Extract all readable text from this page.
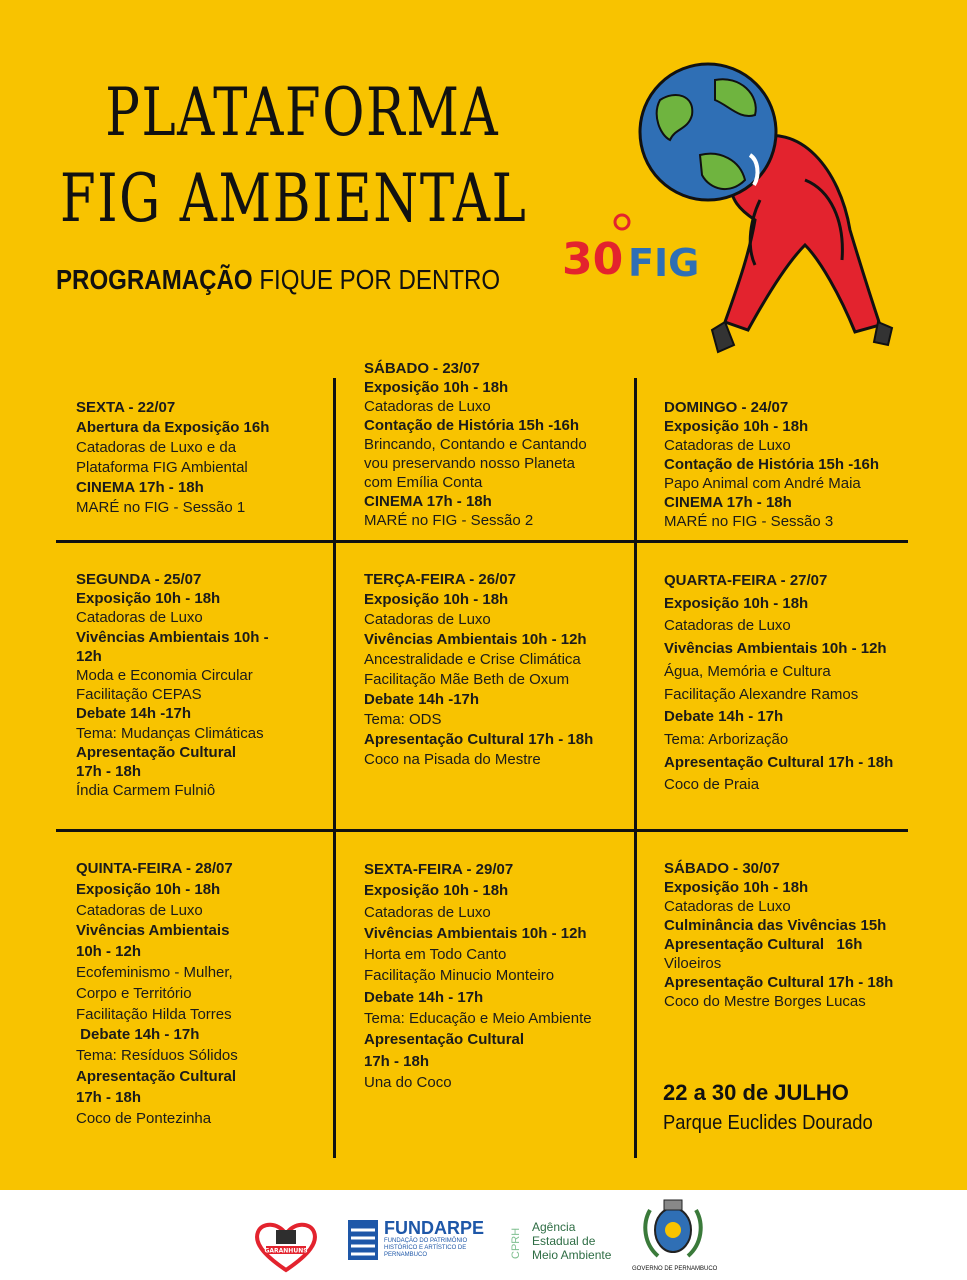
PLATAFORMA
FIG AMBIENTAL
PROGRAMAÇÃO FIQUE POR DENTRO 30 FIG
SEXTA - 22/07
Abertura da Exposição 16h
Catadoras de Luxo e da
Plataforma FIG Ambiental
CINEMA 17h - 18h
MARÉ no FIG - Sessão 1
SÁBADO - 23/07
Exposição 10h - 18h
Catadoras de Luxo
Contação de História 15h -16h
Brincando, Contando e Cantando
vou preservando nosso Planeta
com Emília Conta
CINEMA 17h - 18h
MARÉ no FIG - Sessão 2
DOMINGO - 24/07
Exposição 10h - 18h
Catadoras de Luxo
Contação de História 15h -16h
Papo Animal com André Maia
CINEMA 17h - 18h
MARÉ no FIG - Sessão 3
SEGUNDA - 25/07
Exposição 10h - 18h
Catadoras de Luxo
Vivências Ambientais 10h -
12h
Moda e Economia Circular
Facilitação CEPAS
Debate 14h -17h
Tema: Mudanças Climáticas
Apresentação Cultural
17h - 18h
Índia Carmem Fulniô
TERÇA-FEIRA - 26/07
Exposição 10h - 18h
Catadoras de Luxo
Vivências Ambientais 10h - 12h
Ancestralidade e Crise Climática
Facilitação Mãe Beth de Oxum
Debate 14h -17h
Tema: ODS
Apresentação Cultural 17h - 18h
Coco na Pisada do Mestre
QUARTA-FEIRA - 27/07
Exposição 10h - 18h
Catadoras de Luxo
Vivências Ambientais 10h - 12h
Água, Memória e Cultura
Facilitação Alexandre Ramos
Debate 14h - 17h
Tema: Arborização
Apresentação Cultural 17h - 18h
Coco de Praia
QUINTA-FEIRA - 28/07
Exposição 10h - 18h
Catadoras de Luxo
Vivências Ambientais
10h - 12h
Ecofeminismo - Mulher,
Corpo e Território
Facilitação Hilda Torres
Debate 14h - 17h
Tema: Resíduos Sólidos
Apresentação Cultural
17h - 18h
Coco de Pontezinha
SEXTA-FEIRA - 29/07
Exposição 10h - 18h
Catadoras de Luxo
Vivências Ambientais 10h - 12h
Horta em Todo Canto
Facilitação Minucio Monteiro
Debate 14h - 17h
Tema: Educação e Meio Ambiente
Apresentação Cultural
17h - 18h
Una do Coco
SÁBADO - 30/07
Exposição 10h - 18h
Catadoras de Luxo
Culminância das Vivências 15h
Apresentação Cultural   16h
Viloeiros
Apresentação Cultural 17h - 18h
Coco do Mestre Borges Lucas
22 a 30 de JULHO
Parque Euclides Dourado
GARANHUNS
FUNDARPE
FUNDAÇÃO DO PATRIMÔNIO HISTÓRICO E ARTÍSTICO DE PERNAMBUCO	CPRH
Agência
Estadual de
Meio Ambiente
GOVERNO DE PERNAMBUCO
